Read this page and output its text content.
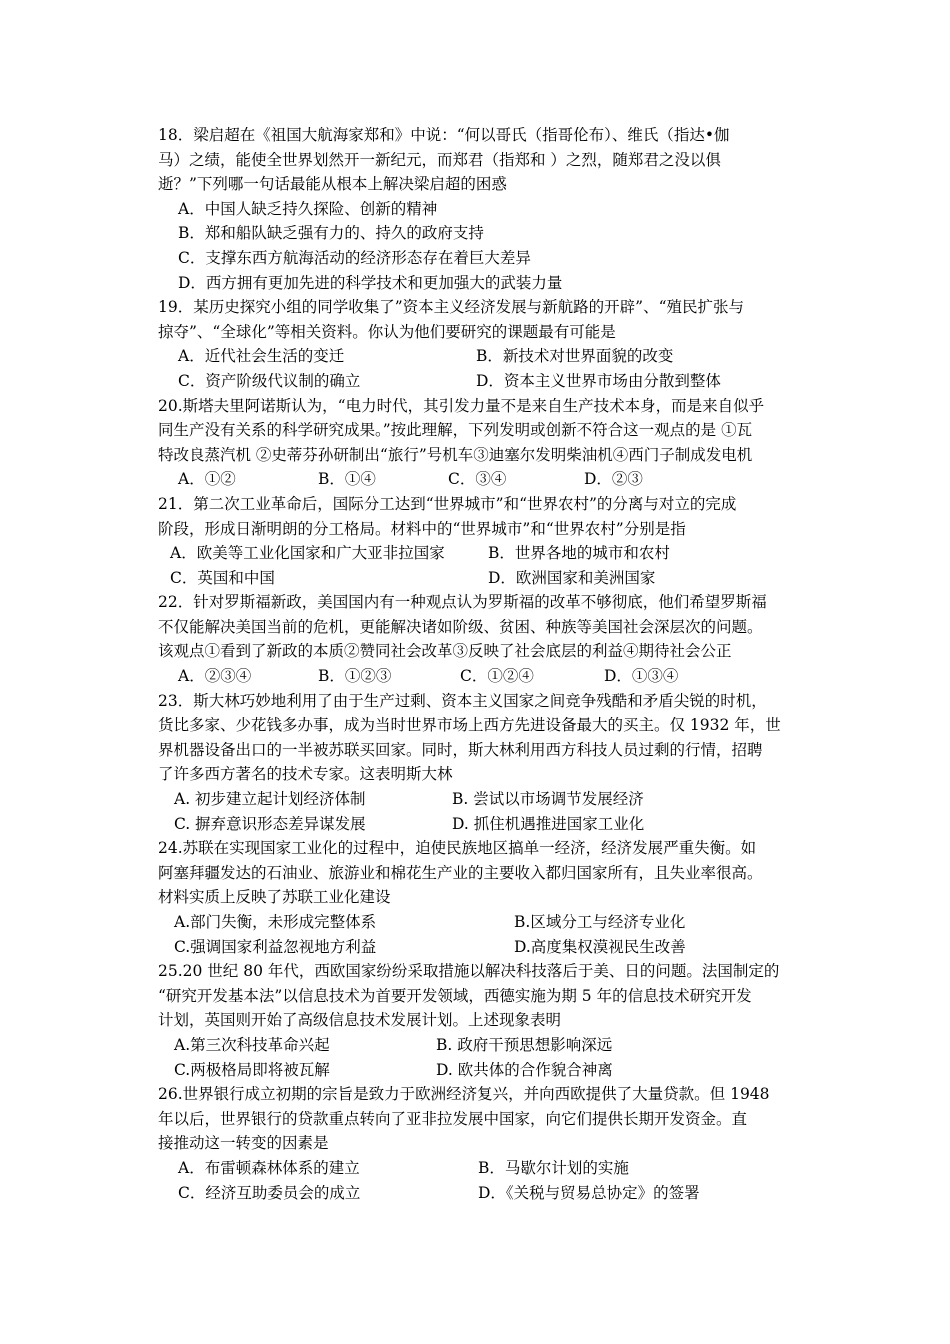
18．梁启超在《祖国大航海家郑和》中说：“何以哥氏（指哥伦布）、维氏（指达•伽
马）之绩，能使全世界划然开一新纪元，而郑君（指郑和 ）之烈，随郑君之没以俱
逝？”下列哪一句话最能从根本上解决梁启超的困惑
A．中国人缺乏持久探险、创新的精神
B．郑和船队缺乏强有力的、持久的政府支持
C．支撑东西方航海活动的经济形态存在着巨大差异
D．西方拥有更加先进的科学技术和更加强大的武装力量
19．某历史探究小组的同学收集了”资本主义经济发展与新航路的开辟”、“殖民扩张与
掠夺”、“全球化”等相关资料。你认为他们要研究的课题最有可能是
A．近代社会生活的变迁	B．新技术对世界面貌的改变
C．资产阶级代议制的确立	D．资本主义世界市场由分散到整体
20.斯塔夫里阿诺斯认为，“电力时代，其引发力量不是来自生产技术本身，而是来自似乎
同生产没有关系的科学研究成果。”按此理解，下列发明或创新不符合这一观点的是 ①瓦
特改良蒸汽机 ②史蒂芬孙研制出“旅行”号机车③迪塞尔发明柴油机④西门子制成发电机
A．①②	B．①④	C．③④	D．②③
21．第二次工业革命后，国际分工达到“世界城市”和“世界农村”的分离与对立的完成
阶段，形成日渐明朗的分工格局。材料中的“世界城市”和“世界农村”分别是指
A．欧美等工业化国家和广大亚非拉国家	B．世界各地的城市和农村
C．英国和中国	D．欧洲国家和美洲国家
22．针对罗斯福新政，美国国内有一种观点认为罗斯福的改革不够彻底，他们希望罗斯福
不仅能解决美国当前的危机，更能解决诸如阶级、贫困、种族等美国社会深层次的问题。
该观点①看到了新政的本质②赞同社会改革③反映了社会底层的利益④期待社会公正
A．②③④	B．①②③	C．①②④	D．①③④
23．斯大林巧妙地利用了由于生产过剩、资本主义国家之间竞争残酷和矛盾尖锐的时机，
货比多家、少花钱多办事，成为当时世界市场上西方先进设备最大的买主。仅 1932 年，世
界机器设备出口的一半被苏联买回家。同时，斯大林利用西方科技人员过剩的行情，招聘
了许多西方著名的技术专家。这表明斯大林
A. 初步建立起计划经济体制	B. 尝试以市场调节发展经济
C. 摒弃意识形态差异谋发展	D. 抓住机遇推进国家工业化
24.苏联在实现国家工业化的过程中，迫使民族地区搞单一经济，经济发展严重失衡。如
阿塞拜疆发达的石油业、旅游业和棉花生产业的主要收入都归国家所有，且失业率很高。
材料实质上反映了苏联工业化建设
A.部门失衡，未形成完整体系	B.区域分工与经济专业化
C.强调国家利益忽视地方利益	D.高度集权漠视民生改善
25.20 世纪 80 年代，西欧国家纷纷采取措施以解决科技落后于美、日的问题。法国制定的
“研究开发基本法”以信息技术为首要开发领域，西德实施为期 5 年的信息技术研究开发
计划，英国则开始了高级信息技术发展计划。上述现象表明
A.第三次科技革命兴起	B. 政府干预思想影响深远
C.两极格局即将被瓦解	D. 欧共体的合作貌合神离
26.世界银行成立初期的宗旨是致力于欧洲经济复兴，并向西欧提供了大量贷款。但 1948
年以后，世界银行的贷款重点转向了亚非拉发展中国家，向它们提供长期开发资金。直
接推动这一转变的因素是
A．布雷顿森林体系的建立	B．马歇尔计划的实施
C．经济互助委员会的成立	D．《关税与贸易总协定》的签署
